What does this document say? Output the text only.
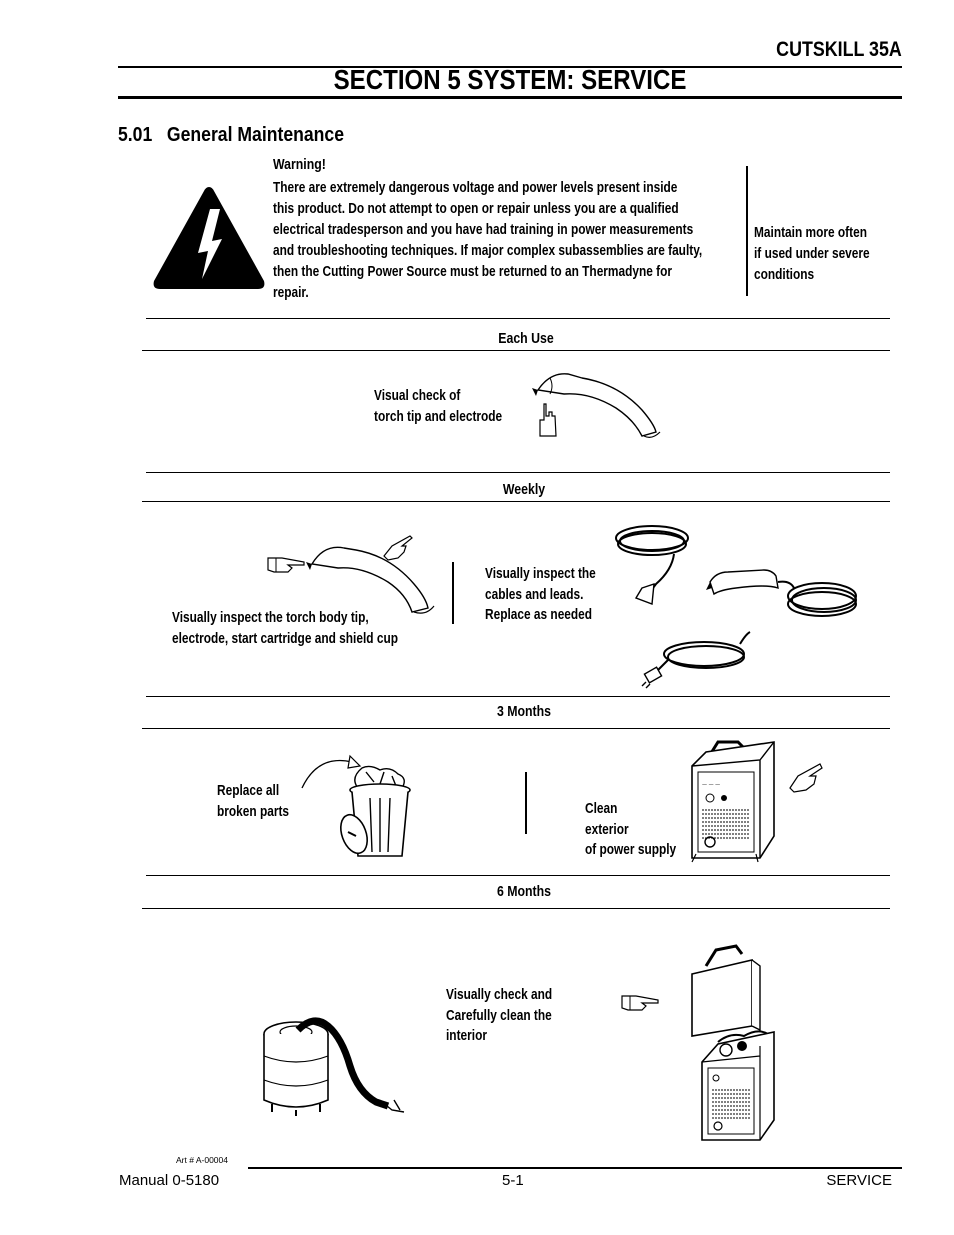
CUTSKILL 35A
SECTION 5 SYSTEM: SERVICE
5.01 General Maintenance
Warning!
There are extremely dangerous voltage and power levels present inside
this product. Do not attempt to open or repair unless you are a qualified
electrical tradesperson and you have had training in power measurements
and troubleshooting techniques. If major complex subassemblies are faulty,
then the Cutting Power Source must be returned to an Thermadyne for
repair.
Maintain more often
if used under severe
conditions
Each Use
Visual check of
torch tip and electrode
Weekly
Visually inspect the torch body tip,
electrode, start cartridge and shield cup
Visually inspect the
cables and leads.
Replace as needed
3 Months
Replace all
broken parts	Clean
exterior
of power supply
— — —
6 Months
Visually check and
Carefully clean the
interior
Art # A-00004
Manual 0-5180	5-1	SERVICE
